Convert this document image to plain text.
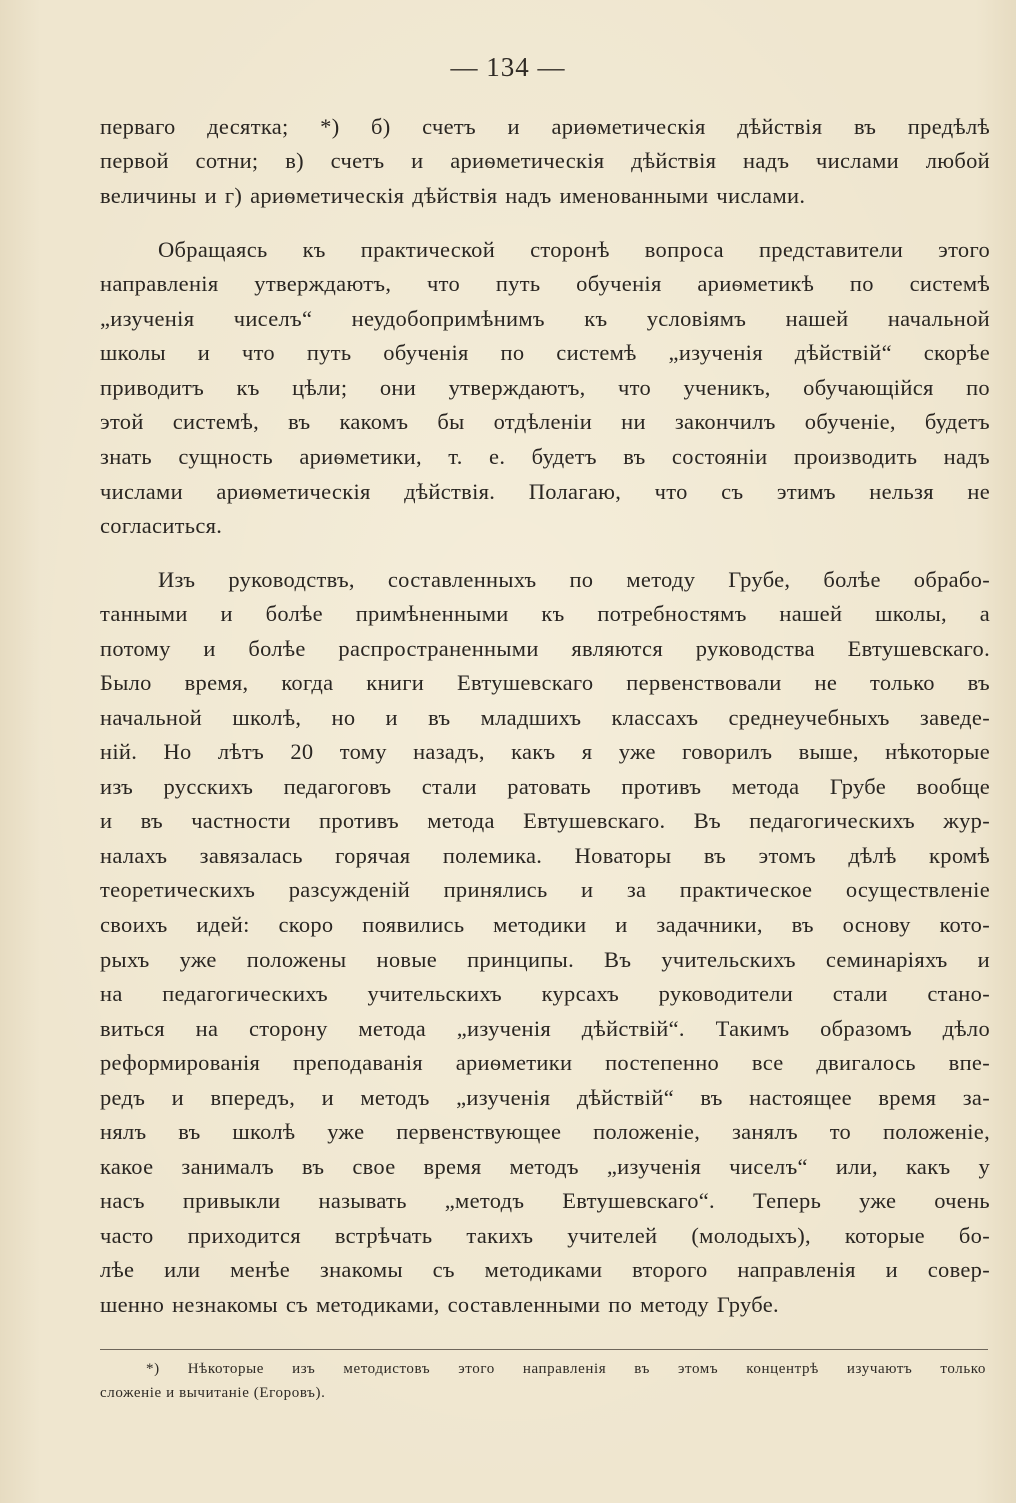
— 134 —
перваго десятка; *) б) счетъ и ариѳметическія дѣйствія въ предѣлѣ
первой сотни; в) счетъ и ариѳметическія дѣйствія надъ числами любой
величины и г) ариѳметическія дѣйствія надъ именованными числами.
Обращаясь къ практической сторонѣ вопроса представители этого
направленія утверждаютъ, что путь обученія ариѳметикѣ по системѣ
„изученія чиселъ“ неудобопримѣнимъ къ условіямъ нашей начальной
школы и что путь обученія по системѣ „изученія дѣйствій“ скорѣе
приводитъ къ цѣли; они утверждаютъ, что ученикъ, обучающійся по
этой системѣ, въ какомъ бы отдѣленіи ни закончилъ обученіе, будетъ
знать сущность ариѳметики, т. е. будетъ въ состояніи производить надъ
числами ариѳметическія дѣйствія. Полагаю, что съ этимъ нельзя не
согласиться.
Изъ руководствъ, составленныхъ по методу Грубе, болѣе обрабо-
танными и болѣе примѣненными къ потребностямъ нашей школы, а
потому и болѣе распространенными являются руководства Евтушевскаго.
Было время, когда книги Евтушевскаго первенствовали не только въ
начальной школѣ, но и въ младшихъ классахъ среднеучебныхъ заведе-
ній. Но лѣтъ 20 тому назадъ, какъ я уже говорилъ выше, нѣкоторые
изъ русскихъ педагоговъ стали ратовать противъ метода Грубе вообще
и въ частности противъ метода Евтушевскаго. Въ педагогическихъ жур-
налахъ завязалась горячая полемика. Новаторы въ этомъ дѣлѣ кромѣ
теоретическихъ разсужденій принялись и за практическое осуществленіе
своихъ идей: скоро появились методики и задачники, въ основу кото-
рыхъ уже положены новые принципы. Въ учительскихъ семинаріяхъ и
на педагогическихъ учительскихъ курсахъ руководители стали стано-
виться на сторону метода „изученія дѣйствій“. Такимъ образомъ дѣло
реформированія преподаванія ариѳметики постепенно все двигалось впе-
редъ и впередъ, и методъ „изученія дѣйствій“ въ настоящее время за-
нялъ въ школѣ уже первенствующее положеніе, занялъ то положеніе,
какое занималъ въ свое время методъ „изученія чиселъ“ или, какъ у
насъ привыкли называть „методъ Евтушевскаго“. Теперь уже очень
часто приходится встрѣчать такихъ учителей (молодыхъ), которые бо-
лѣе или менѣе знакомы съ методиками второго направленія и совер-
шенно незнакомы съ методиками, составленными по методу Грубе.
*) Нѣкоторые изъ методистовъ этого направленія въ этомъ концентрѣ изучаютъ только
сложеніе и вычитаніе (Егоровъ).
